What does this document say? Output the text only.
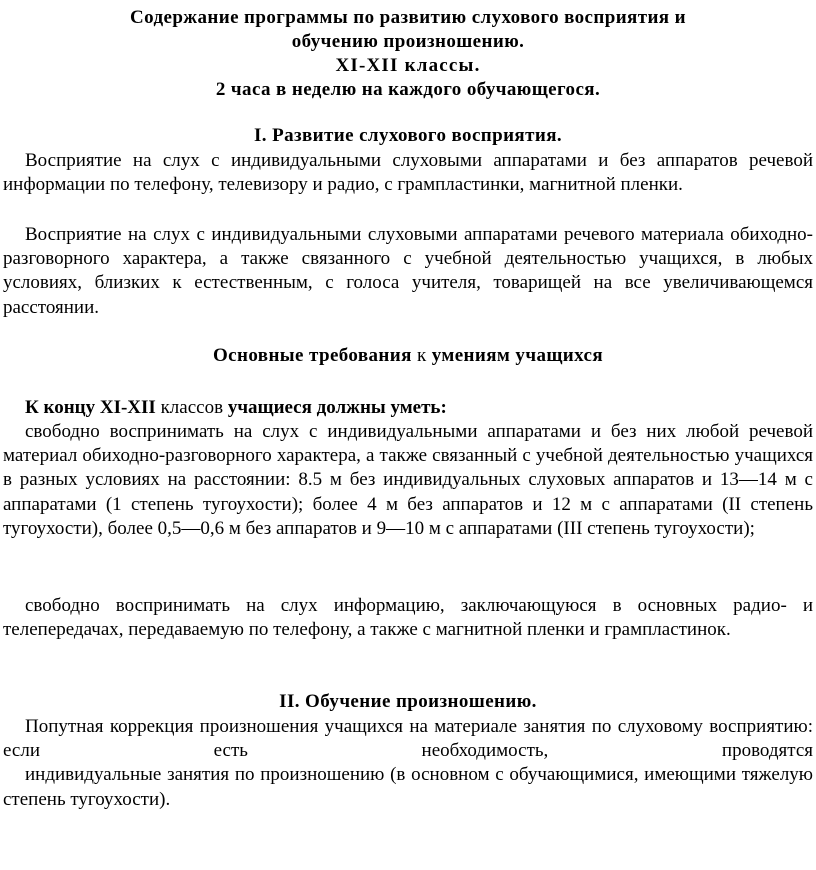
Содержание программы по развитию слухового восприятия и
обучению произношению.
XI-XII классы.
2 часа в неделю на каждого обучающегося.
I. Развитие слухового восприятия.
Восприятие на слух с индивидуальными слуховыми аппаратами и без аппаратов речевой информации по телефону, телевизору и радио, с грампластинки, магнитной пленки.
Восприятие на слух с индивидуальными слуховыми аппаратами речевого материала обиходно-разговорного характера, а также связанного с учебной деятельностью учащихся, в любых условиях, близких к естественным, с голоса учителя, товарищей на все увеличивающемся расстоянии.
Основные требования к умениям учащихся
К концу XI-XII классов учащиеся должны уметь:
свободно воспринимать на слух с индивидуальными аппаратами и без них любой речевой материал обиходно-разговорного характера, а также связанный с учебной деятельностью учащихся в разных условиях на расстоянии: 8.5 м без индивидуальных слуховых аппаратов и 13—14 м с аппаратами (1 степень тугоухости); более 4 м без аппаратов и 12 м с аппаратами (II степень тугоухости), более 0,5—0,6 м без аппаратов и 9—10 м с аппаратами (III степень тугоухости);
свободно воспринимать на слух информацию, заключающуюся в основных радио- и телепередачах, передаваемую по телефону, а также с магнитной пленки и грампластинок.
II. Обучение произношению.
Попутная коррекция произношения учащихся на материале занятия по слуховому восприятию: если есть необходимость, проводятся
индивидуальные занятия по произношению (в основном с обучающимися, имеющими тяжелую степень тугоухости).
